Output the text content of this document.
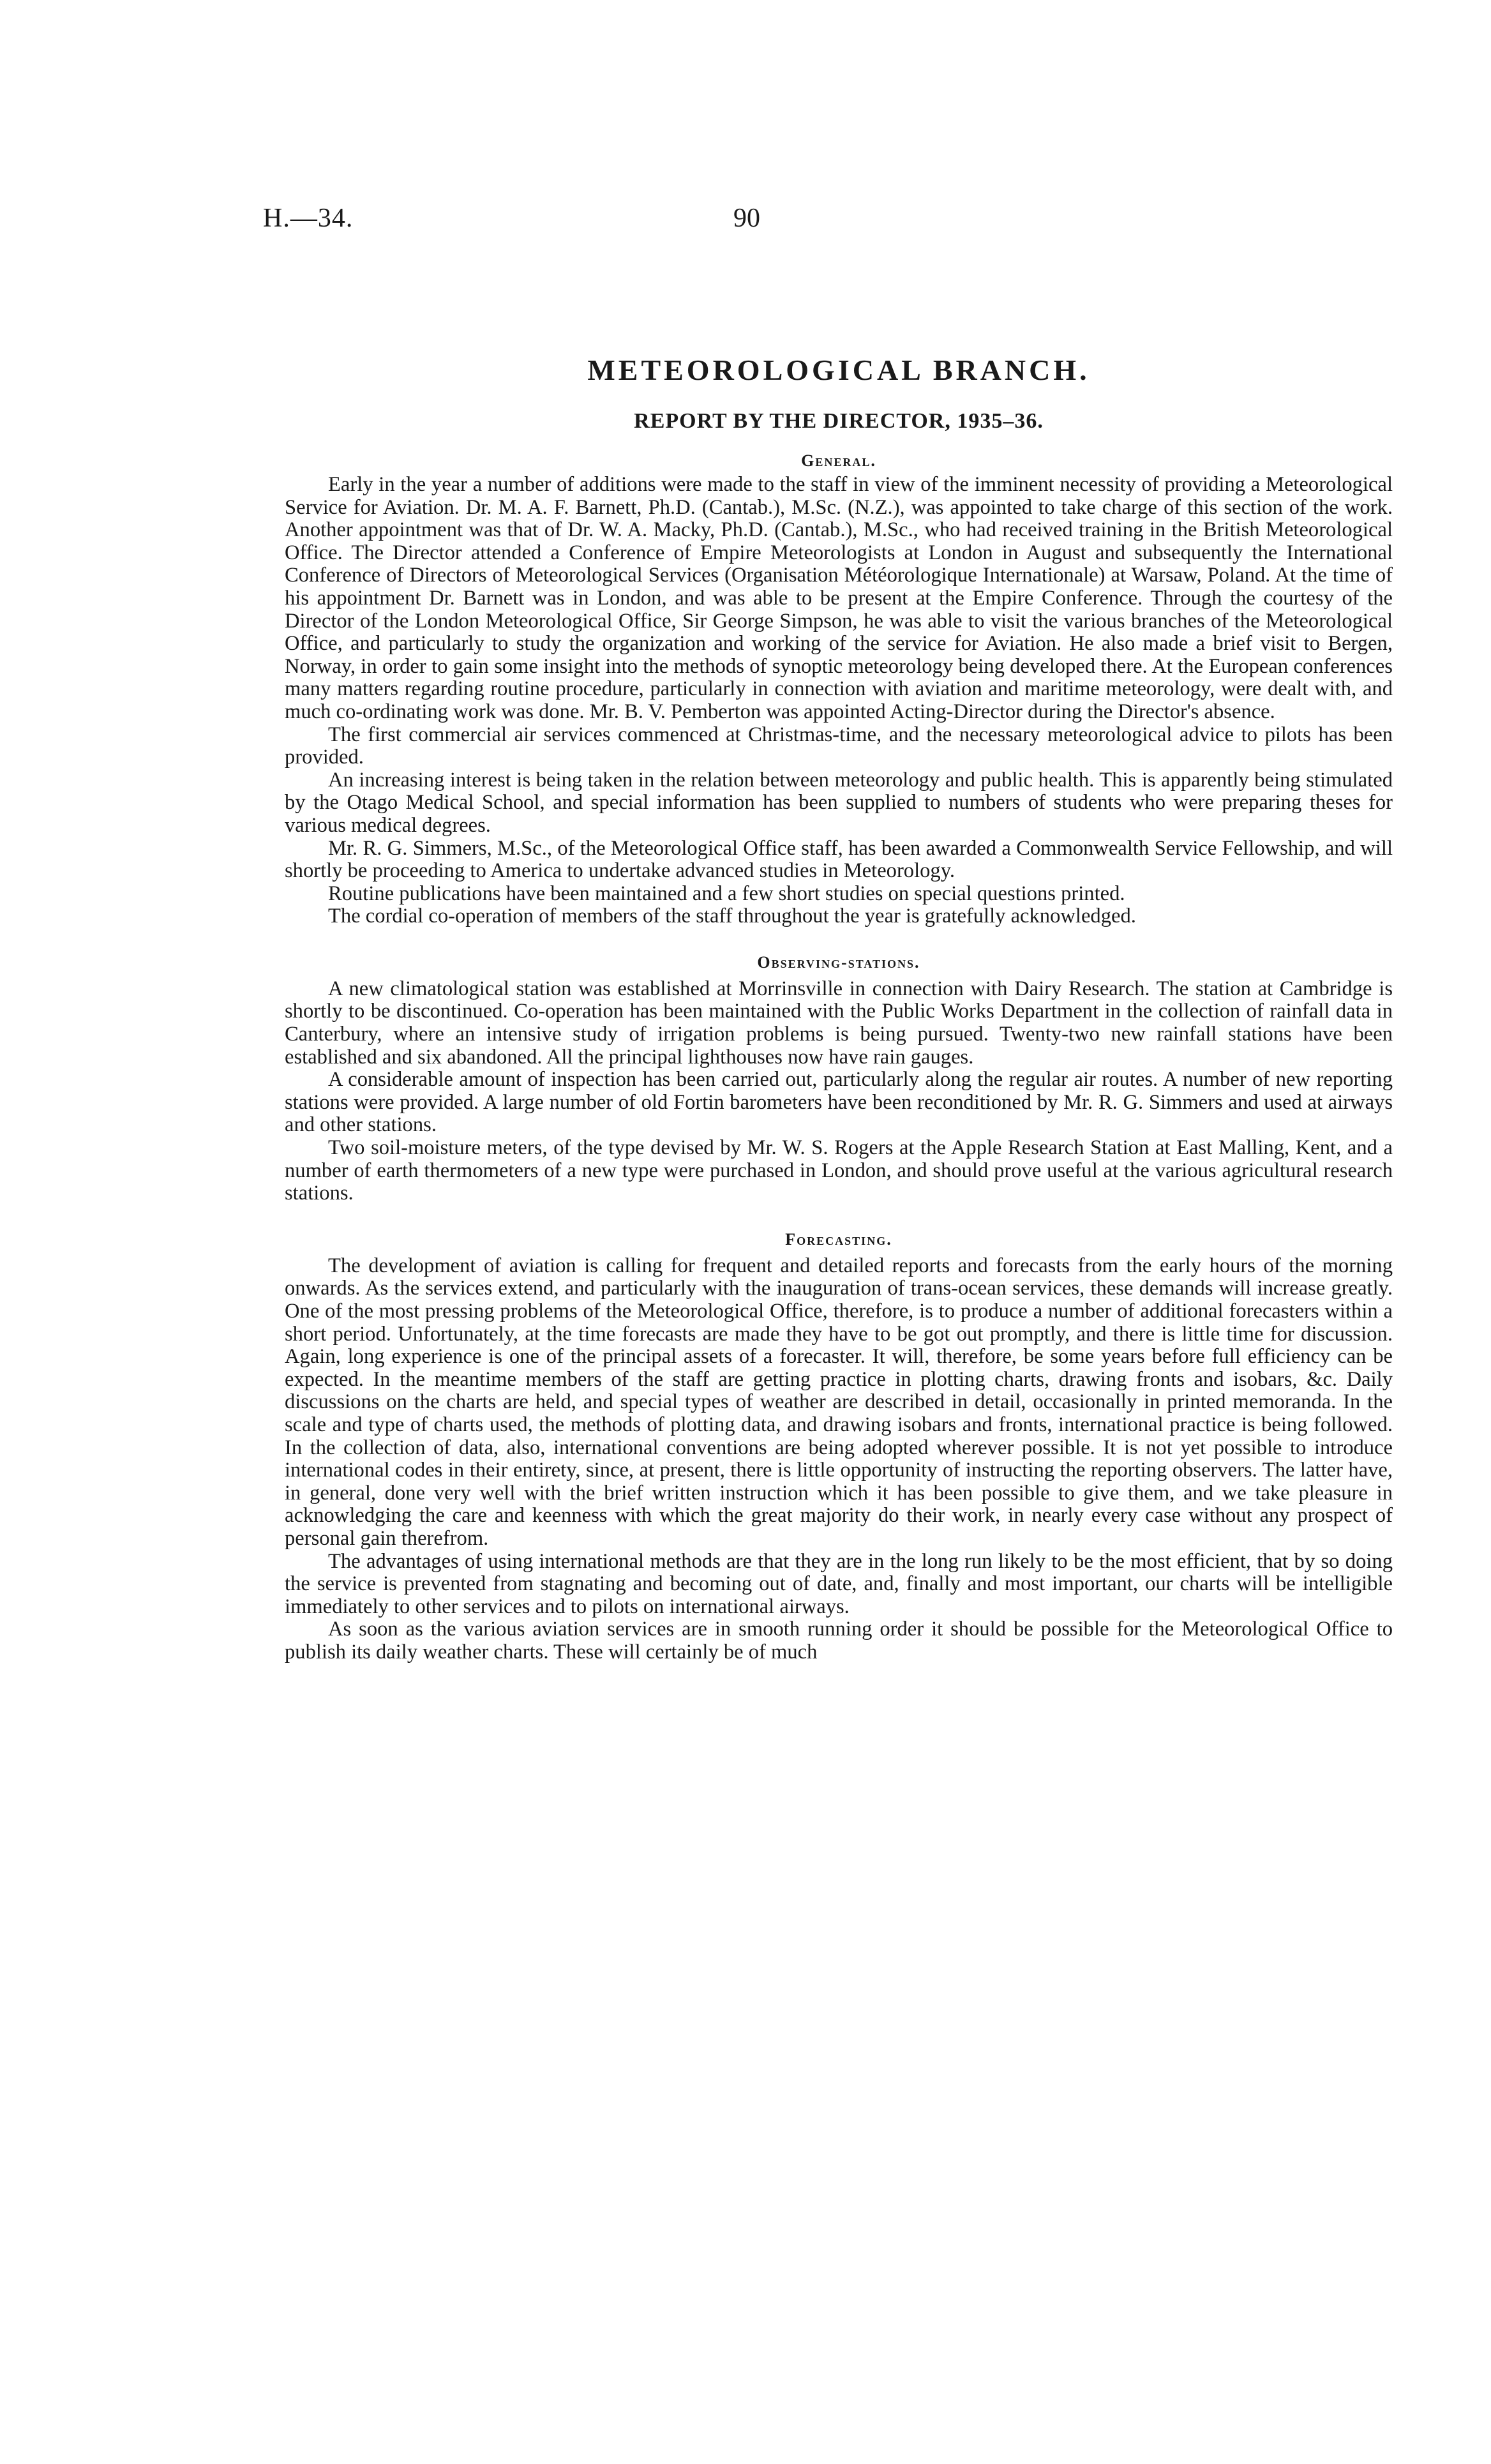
H.—34.	90
METEOROLOGICAL BRANCH.
REPORT BY THE DIRECTOR, 1935–36.
General.

Early in the year a number of additions were made to the staff in view of the imminent necessity of providing a Meteorological Service for Aviation. Dr. M. A. F. Barnett, Ph.D. (Cantab.), M.Sc. (N.Z.), was appointed to take charge of this section of the work. Another appointment was that of Dr. W. A. Macky, Ph.D. (Cantab.), M.Sc., who had received training in the British Meteorological Office. The Director attended a Conference of Empire Meteorologists at London in August and subsequently the International Conference of Directors of Meteorological Services (Organisation Météorologique Internationale) at Warsaw, Poland. At the time of his appointment Dr. Barnett was in London, and was able to be present at the Empire Conference. Through the courtesy of the Director of the London Meteorological Office, Sir George Simpson, he was able to visit the various branches of the Meteorological Office, and particularly to study the organization and working of the service for Aviation. He also made a brief visit to Bergen, Norway, in order to gain some insight into the methods of synoptic meteorology being developed there. At the European conferences many matters regarding routine procedure, particularly in connection with aviation and maritime meteorology, were dealt with, and much co-ordinating work was done. Mr. B. V. Pemberton was appointed Acting-Director during the Director's absence.

The first commercial air services commenced at Christmas-time, and the necessary meteorological advice to pilots has been provided.

An increasing interest is being taken in the relation between meteorology and public health. This is apparently being stimulated by the Otago Medical School, and special information has been supplied to numbers of students who were preparing theses for various medical degrees.

Mr. R. G. Simmers, M.Sc., of the Meteorological Office staff, has been awarded a Commonwealth Service Fellowship, and will shortly be proceeding to America to undertake advanced studies in Meteorology.

Routine publications have been maintained and a few short studies on special questions printed.

The cordial co-operation of members of the staff throughout the year is gratefully acknowledged.

Observing-stations.

A new climatological station was established at Morrinsville in connection with Dairy Research. The station at Cambridge is shortly to be discontinued. Co-operation has been maintained with the Public Works Department in the collection of rainfall data in Canterbury, where an intensive study of irrigation problems is being pursued. Twenty-two new rainfall stations have been established and six abandoned. All the principal lighthouses now have rain gauges.

A considerable amount of inspection has been carried out, particularly along the regular air routes. A number of new reporting stations were provided. A large number of old Fortin barometers have been reconditioned by Mr. R. G. Simmers and used at airways and other stations.

Two soil-moisture meters, of the type devised by Mr. W. S. Rogers at the Apple Research Station at East Malling, Kent, and a number of earth thermometers of a new type were purchased in London, and should prove useful at the various agricultural research stations.

Forecasting.

The development of aviation is calling for frequent and detailed reports and forecasts from the early hours of the morning onwards. As the services extend, and particularly with the inauguration of trans-ocean services, these demands will increase greatly. One of the most pressing problems of the Meteorological Office, therefore, is to produce a number of additional forecasters within a short period. Unfortunately, at the time forecasts are made they have to be got out promptly, and there is little time for discussion. Again, long experience is one of the principal assets of a forecaster. It will, therefore, be some years before full efficiency can be expected. In the meantime members of the staff are getting practice in plotting charts, drawing fronts and isobars, &c. Daily discussions on the charts are held, and special types of weather are described in detail, occasionally in printed memoranda. In the scale and type of charts used, the methods of plotting data, and drawing isobars and fronts, international practice is being followed. In the collection of data, also, international conventions are being adopted wherever possible. It is not yet possible to introduce international codes in their entirety, since, at present, there is little opportunity of instructing the reporting observers. The latter have, in general, done very well with the brief written instruction which it has been possible to give them, and we take pleasure in acknowledging the care and keenness with which the great majority do their work, in nearly every case without any prospect of personal gain therefrom.

The advantages of using international methods are that they are in the long run likely to be the most efficient, that by so doing the service is prevented from stagnating and becoming out of date, and, finally and most important, our charts will be intelligible immediately to other services and to pilots on international airways.

As soon as the various aviation services are in smooth running order it should be possible for the Meteorological Office to publish its daily weather charts. These will certainly be of much
